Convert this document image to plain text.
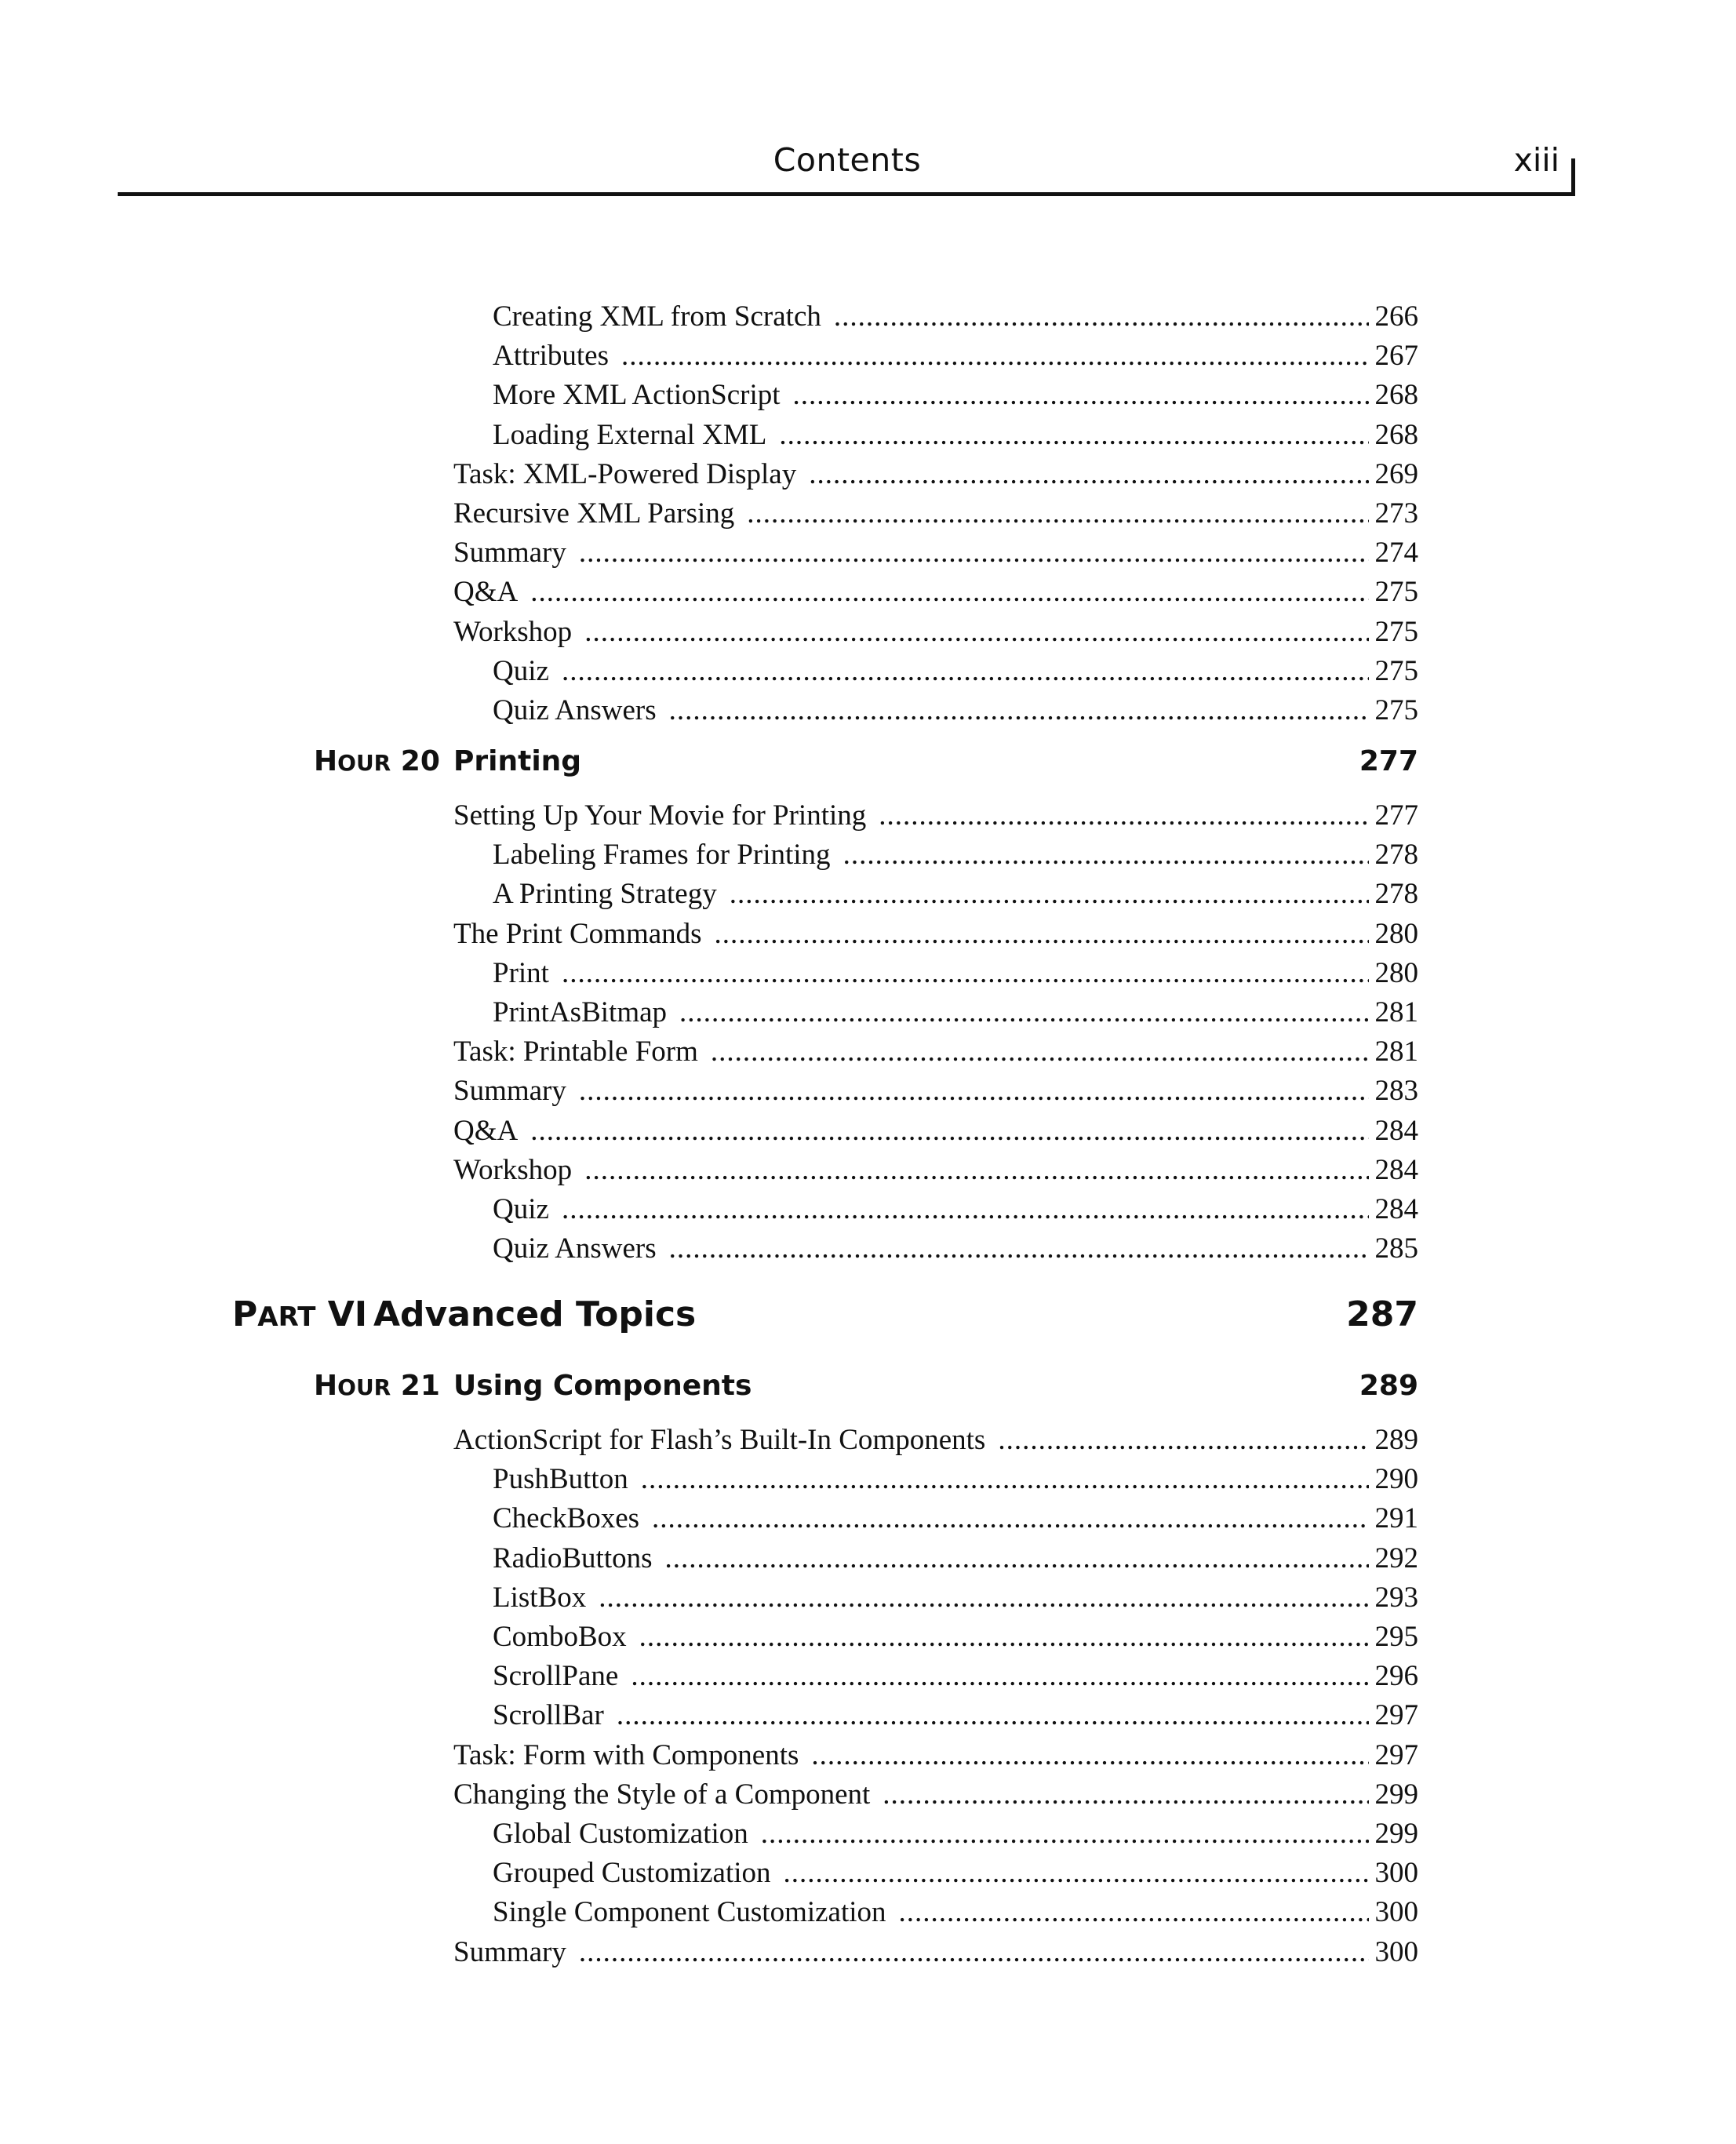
Contents	xiii
Creating XML from Scratch .....	266
Attributes .....	267
More XML ActionScript .....	268
Loading External XML .....	268
Task: XML-Powered Display .....	269
Recursive XML Parsing .....	273
Summary .....	274
Q&A .....	275
Workshop .....	275
Quiz .....	275
Quiz Answers .....	275
HOUR 20 Printing	277
Setting Up Your Movie for Printing .....	277
Labeling Frames for Printing .....	278
A Printing Strategy .....	278
The Print Commands .....	280
Print .....	280
PrintAsBitmap .....	281
Task: Printable Form .....	281
Summary .....	283
Q&A .....	284
Workshop .....	284
Quiz .....	284
Quiz Answers .....	285
PART VI Advanced Topics	287
HOUR 21 Using Components	289
ActionScript for Flash’s Built-In Components .....	289
PushButton .....	290
CheckBoxes .....	291
RadioButtons .....	292
ListBox .....	293
ComboBox .....	295
ScrollPane .....	296
ScrollBar .....	297
Task: Form with Components .....	297
Changing the Style of a Component .....	299
Global Customization .....	299
Grouped Customization .....	300
Single Component Customization .....	300
Summary .....	300
